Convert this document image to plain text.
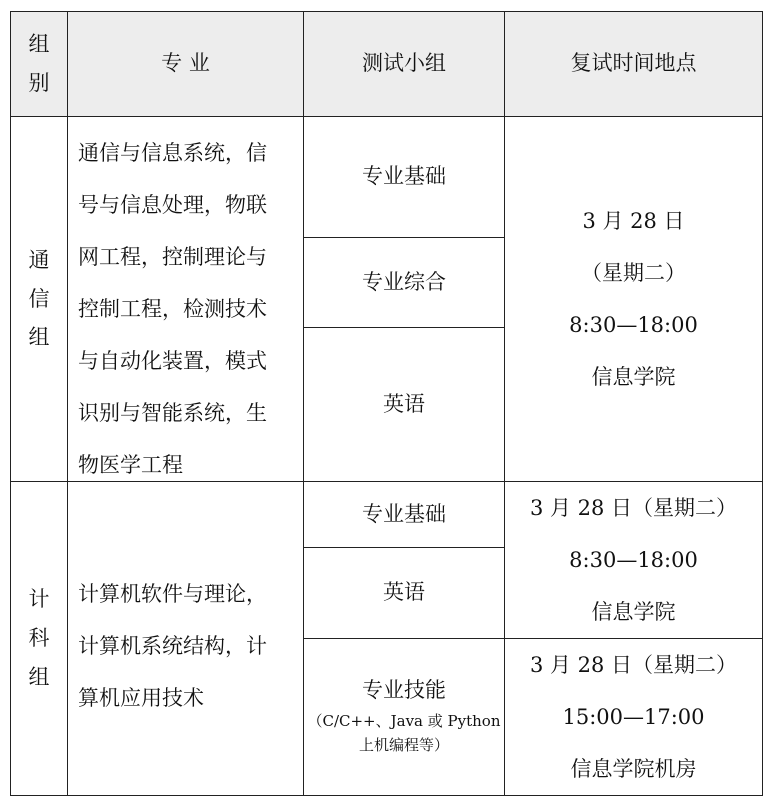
组
别
专 业	测试小组	复试时间地点
通
信
组
通信与信息系统，信
号与信息处理，物联
网工程，控制理论与
控制工程，检测技术
与自动化装置，模式
识别与智能系统，生
物医学工程
专业基础
专业综合
英语
3 月 28 日
（星期二）
8:30—18:00
信息学院
计
科
组
计算机软件与理论，
计算机系统结构，计
算机应用技术
专业基础
英语
专业技能
（C/C++、Java 或 Python
上机编程等）
3 月 28 日（星期二）
8:30—18:00
信息学院
3 月 28 日（星期二）
15:00—17:00
信息学院机房
